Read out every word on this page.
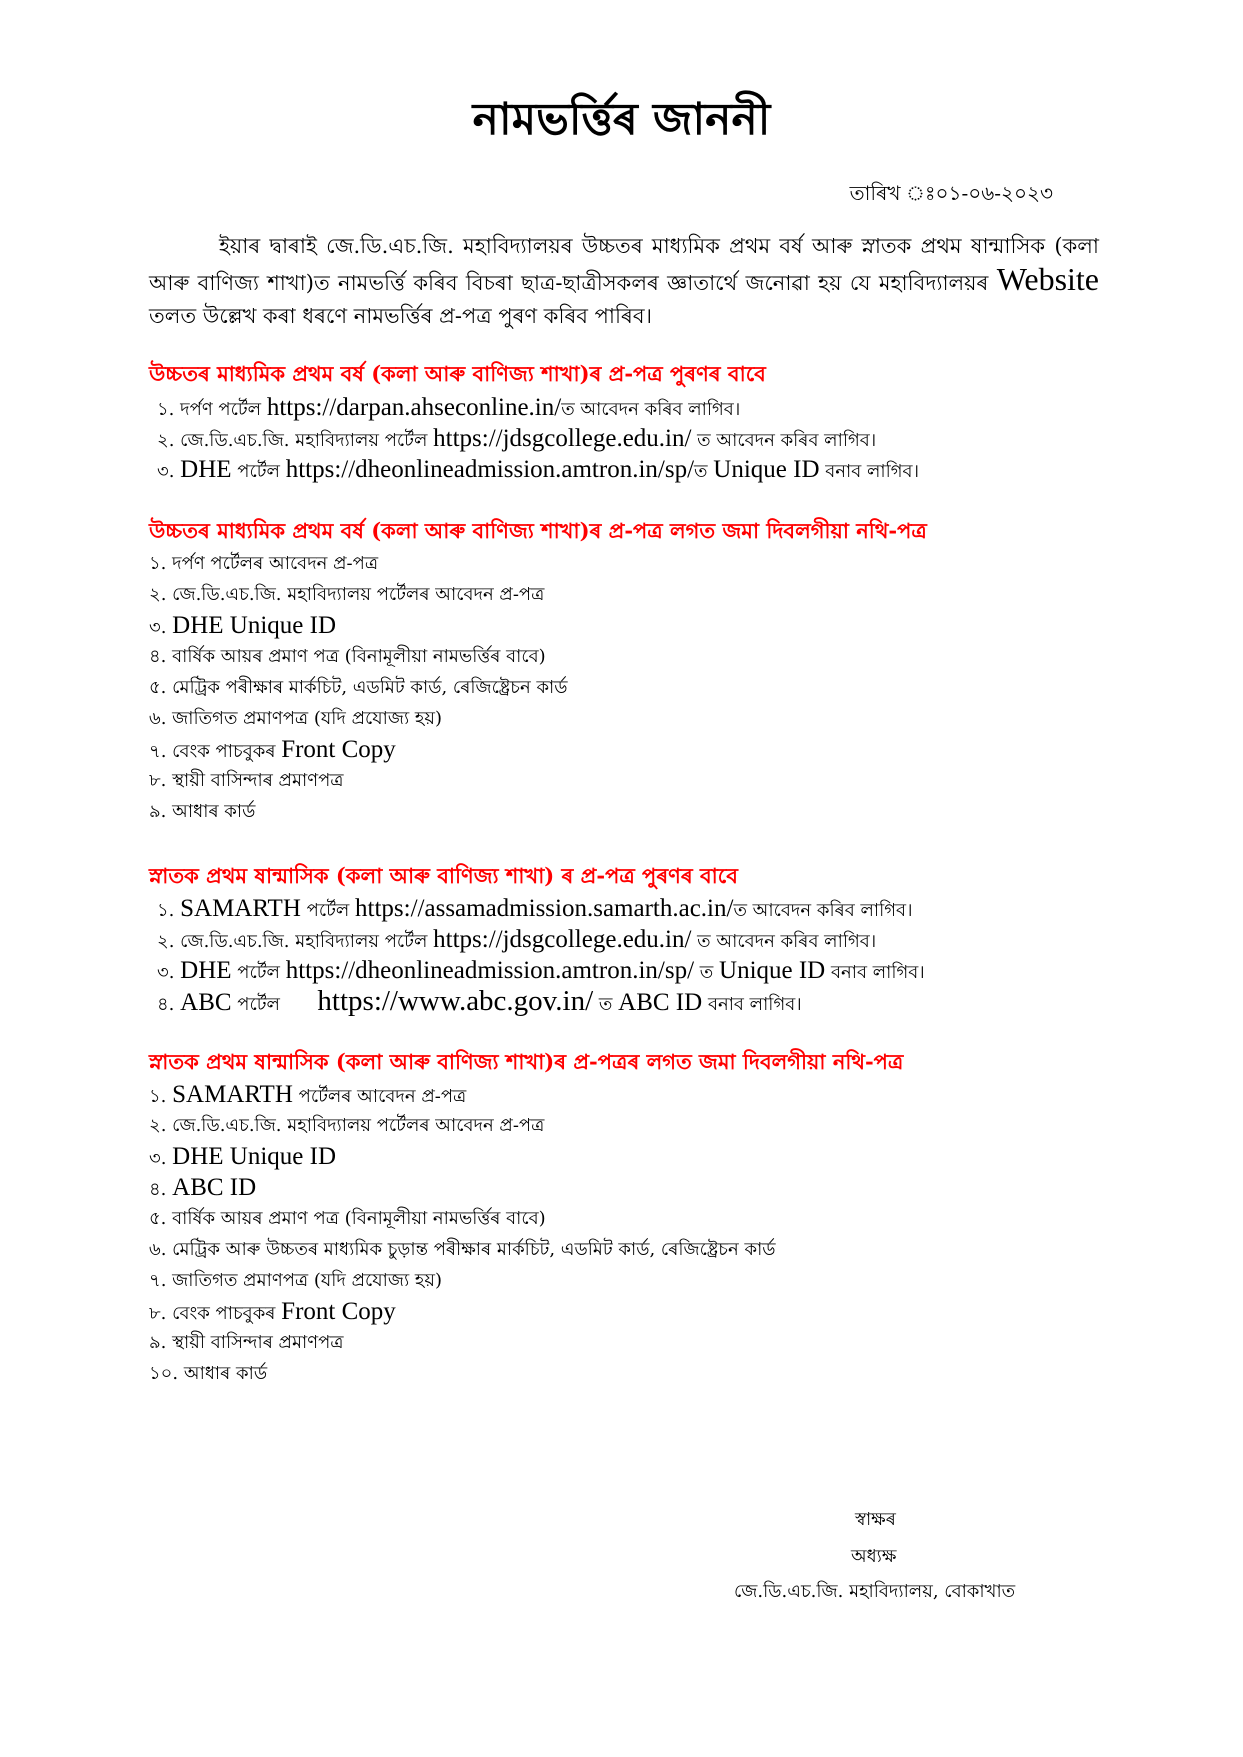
নামভৰ্ত্তিৰ জাননী
তাৰিখ ঃ০১-০৬-২০২৩
ইয়াৰ দ্বাৰাই জে.ডি.এচ.জি. মহাবিদ্যালয়ৰ উচ্চতৰ মাধ্যমিক প্ৰথম বৰ্ষ আৰু স্নাতক প্ৰথম ষান্মাসিক (কলা আৰু বাণিজ্য শাখা)ত নামভৰ্ত্তি কৰিব বিচৰা ছাত্ৰ-ছাত্ৰীসকলৰ জ্ঞাতাৰ্থে জনোৱা হয় যে মহাবিদ্যালয়ৰ Website তলত উল্লেখ কৰা ধৰণে নামভৰ্ত্তিৰ প্ৰ-পত্ৰ পুৰণ কৰিব পাৰিব।
উচ্চতৰ মাধ্যমিক প্ৰথম বৰ্ষ (কলা আৰু বাণিজ্য শাখা)ৰ প্ৰ-পত্ৰ পুৰণৰ বাবে
১. দৰ্পণ পৰ্টেল https://darpan.ahseconline.in/ত আবেদন কৰিব লাগিব।
২. জে.ডি.এচ.জি. মহাবিদ্যালয় পৰ্টেল https://jdsgcollege.edu.in/ ত আবেদন কৰিব লাগিব।
৩. DHE পৰ্টেল https://dheonlineadmission.amtron.in/sp/ত Unique ID বনাব লাগিব।
উচ্চতৰ মাধ্যমিক প্ৰথম বৰ্ষ (কলা আৰু বাণিজ্য শাখা)ৰ প্ৰ-পত্ৰ লগত জমা দিবলগীয়া নথি-পত্ৰ
১. দৰ্পণ পৰ্টেলৰ আবেদন প্ৰ-পত্ৰ
২. জে.ডি.এচ.জি. মহাবিদ্যালয় পৰ্টেলৰ আবেদন প্ৰ-পত্ৰ
৩. DHE Unique ID
৪. বাৰ্ষিক আয়ৰ প্ৰমাণ পত্ৰ (বিনামূলীয়া নামভৰ্ত্তিৰ বাবে)
৫. মেট্ৰিক পৰীক্ষাৰ মাৰ্কচিট, এডমিট কাৰ্ড, ৰেজিষ্ট্ৰেচন কাৰ্ড
৬. জাতিগত প্ৰমাণপত্ৰ (যদি প্ৰযোজ্য হয়)
৭. বেংক পাচবুকৰ Front Copy
৮. স্থায়ী বাসিন্দাৰ প্ৰমাণপত্ৰ
৯. আধাৰ কাৰ্ড
স্নাতক প্ৰথম ষান্মাসিক (কলা আৰু বাণিজ্য শাখা) ৰ প্ৰ-পত্ৰ পুৰণৰ বাবে
১. SAMARTH পৰ্টেল https://assamadmission.samarth.ac.in/ত আবেদন কৰিব লাগিব।
২. জে.ডি.এচ.জি. মহাবিদ্যালয় পৰ্টেল https://jdsgcollege.edu.in/ ত আবেদন কৰিব লাগিব।
৩. DHE পৰ্টেল https://dheonlineadmission.amtron.in/sp/ ত Unique ID বনাব লাগিব।
৪. ABC পৰ্টেল https://www.abc.gov.in/ ত ABC ID বনাব লাগিব।
স্নাতক প্ৰথম ষান্মাসিক (কলা আৰু বাণিজ্য শাখা)ৰ প্ৰ-পত্ৰৰ লগত জমা দিবলগীয়া নথি-পত্ৰ
১. SAMARTH পৰ্টেলৰ আবেদন প্ৰ-পত্ৰ
২. জে.ডি.এচ.জি. মহাবিদ্যালয় পৰ্টেলৰ আবেদন প্ৰ-পত্ৰ
৩. DHE Unique ID
৪. ABC ID
৫. বাৰ্ষিক আয়ৰ প্ৰমাণ পত্ৰ (বিনামূলীয়া নামভৰ্ত্তিৰ বাবে)
৬. মেট্ৰিক আৰু উচ্চতৰ মাধ্যমিক চুড়ান্ত পৰীক্ষাৰ মাৰ্কচিট, এডমিট কাৰ্ড, ৰেজিষ্ট্ৰেচন কাৰ্ড
৭. জাতিগত প্ৰমাণপত্ৰ (যদি প্ৰযোজ্য হয়)
৮. বেংক পাচবুকৰ Front Copy
৯. স্থায়ী বাসিন্দাৰ প্ৰমাণপত্ৰ
১০. আধাৰ কাৰ্ড
স্বাক্ষৰ
অধ্যক্ষ
জে.ডি.এচ.জি. মহাবিদ্যালয়, বোকাখাত
